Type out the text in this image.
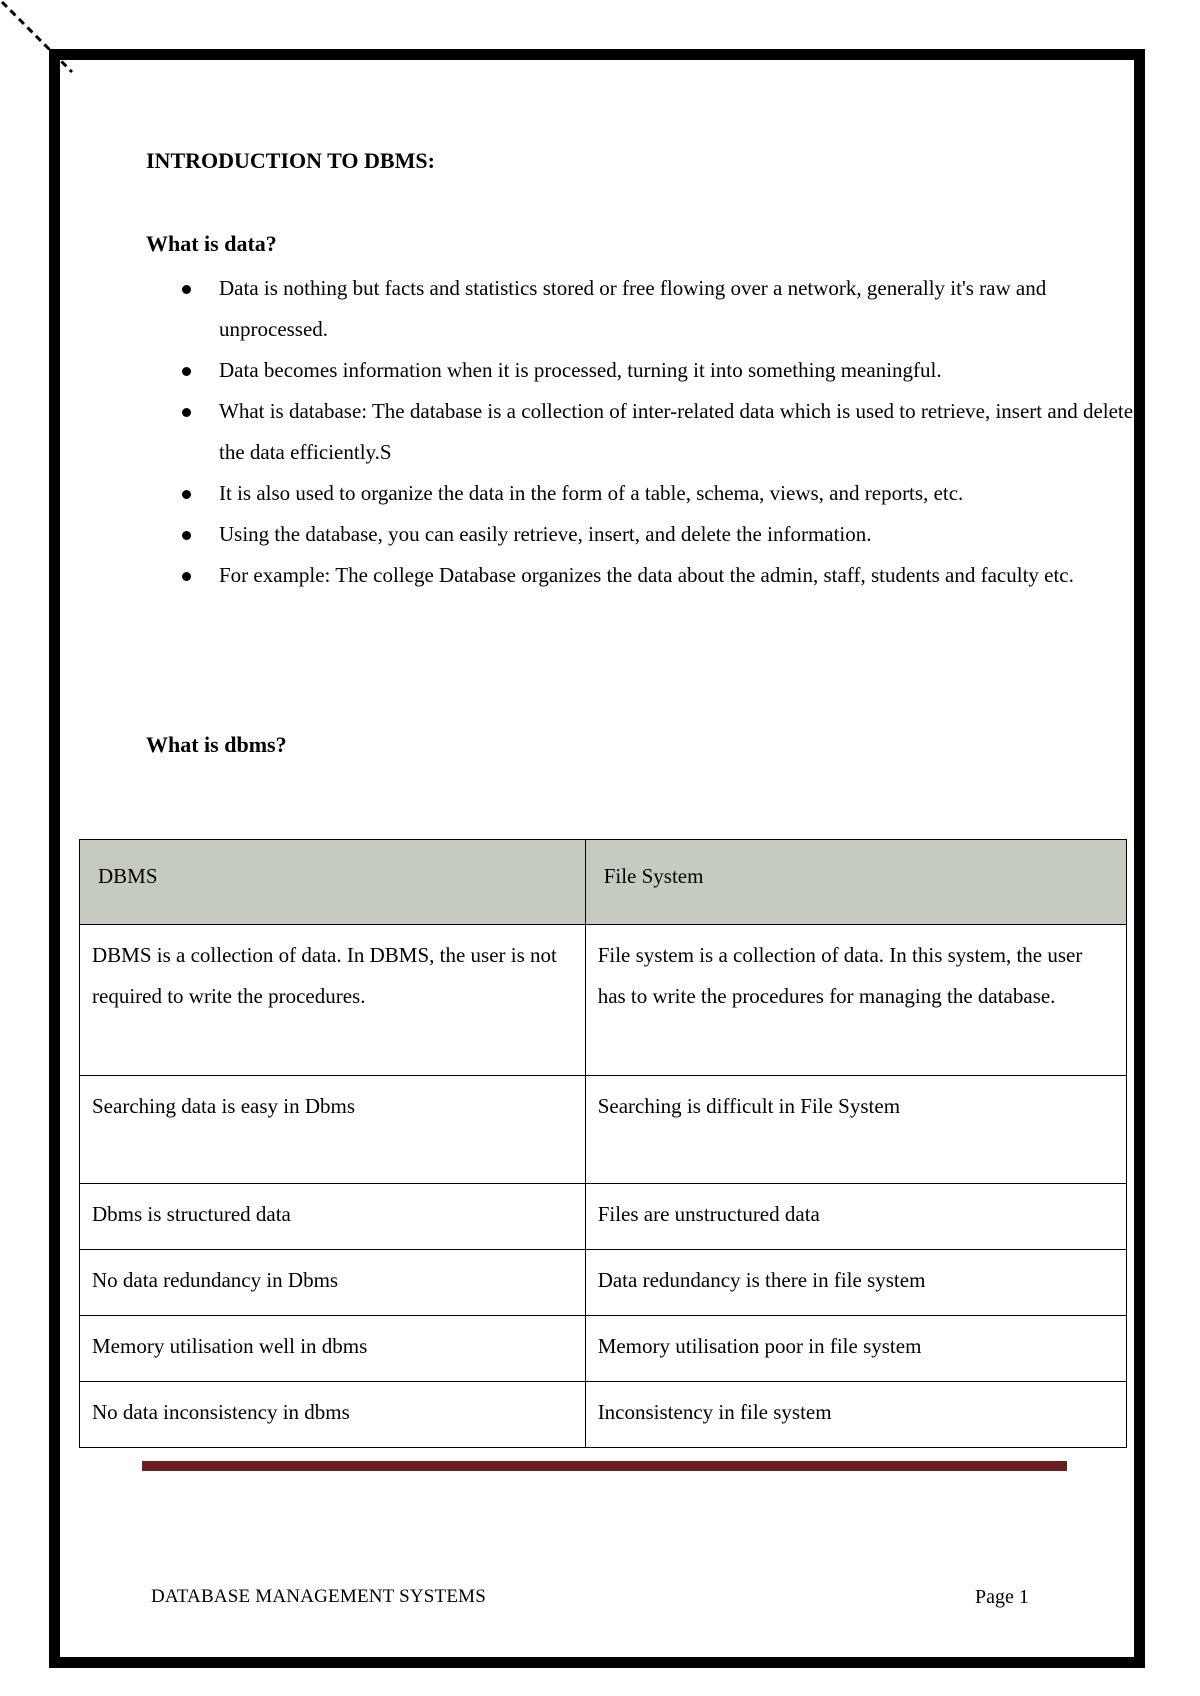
INTRODUCTION TO DBMS:
What is data?
Data is nothing but facts and statistics stored or free flowing over a network, generally it's raw and unprocessed.
Data becomes information when it is processed, turning it into something meaningful.
What is database: The database is a collection of inter-related data which is used to retrieve, insert and delete the data efficiently.S
It is also used to organize the data in the form of a table, schema, views, and reports, etc.
Using the database, you can easily retrieve, insert, and delete the information.
For example: The college Database organizes the data about the admin, staff, students and faculty etc.
What is dbms?
DBMS	File System
DBMS is a collection of data. In DBMS, the user is not required to write the procedures.	File system is a collection of data. In this system, the user has to write the procedures for managing the database.
Searching data is easy in Dbms	Searching is difficult in File System
Dbms is structured data	Files are unstructured data
No data redundancy in Dbms	Data redundancy is there in file system
Memory utilisation well in dbms	Memory utilisation poor in file system
No data inconsistency in dbms	Inconsistency in file system
DATABASE MANAGEMENT SYSTEMS	Page 1
